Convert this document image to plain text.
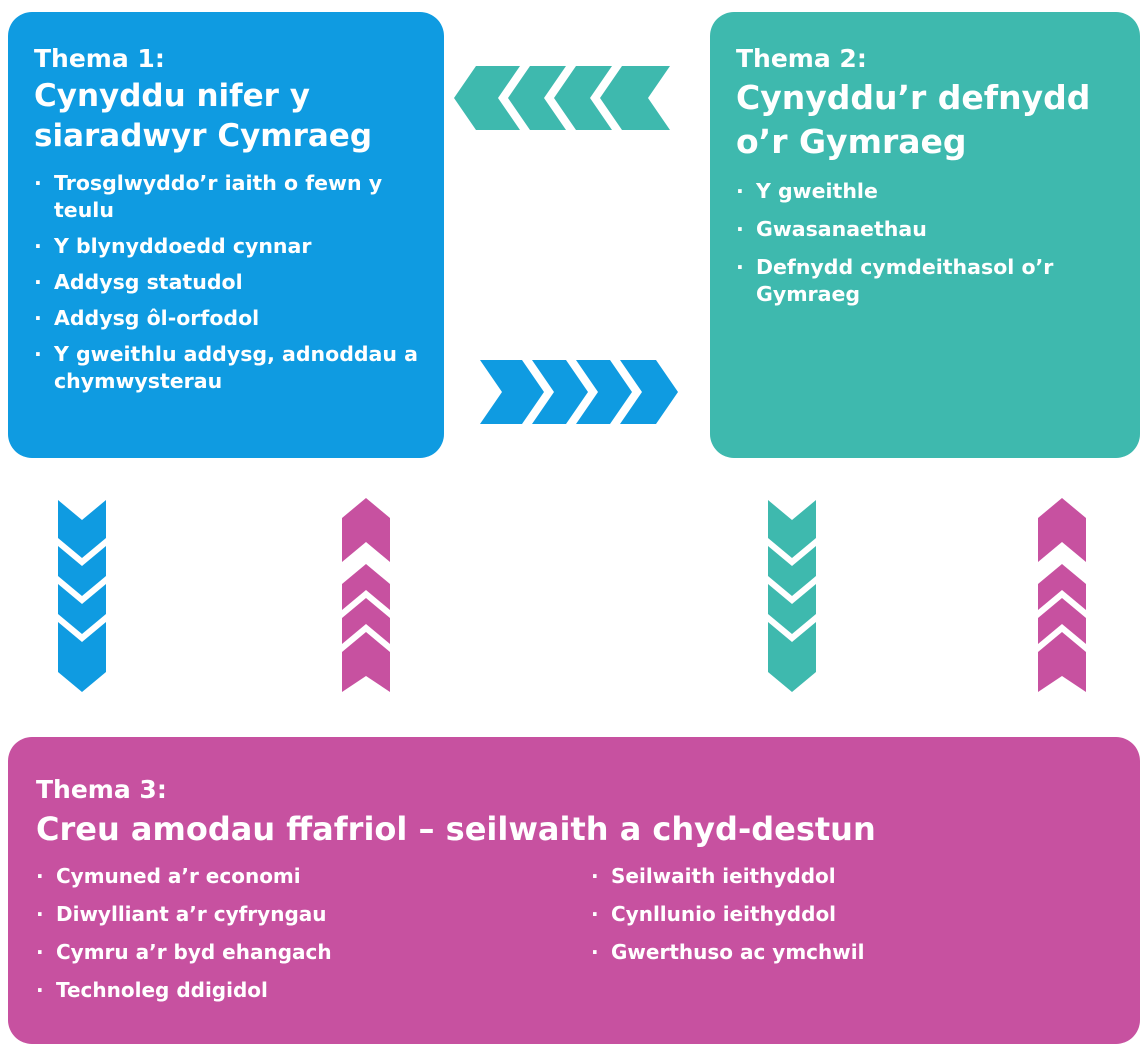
Thema 1:

Cynyddu nifer y siaradwyr Cymraeg

· Trosglwyddo’r iaith o fewn y teulu
· Y blynyddoedd cynnar
· Addysg statudol
· Addysg ôl-orfodol
· Y gweithlu addysg, adnoddau a chymwysterau

Thema 2:

Cynyddu’r defnydd o’r Gymraeg

· Y gweithle
· Gwasanaethau
· Defnydd cymdeithasol o’r Gymraeg

Thema 3:

Creu amodau ffafriol – seilwaith a chyd-destun

· Cymuned a’r economi
· Diwylliant a’r cyfryngau
· Cymru a’r byd ehangach
· Technoleg ddigidol
· Seilwaith ieithyddol
· Cynllunio ieithyddol
· Gwerthuso ac ymchwil
